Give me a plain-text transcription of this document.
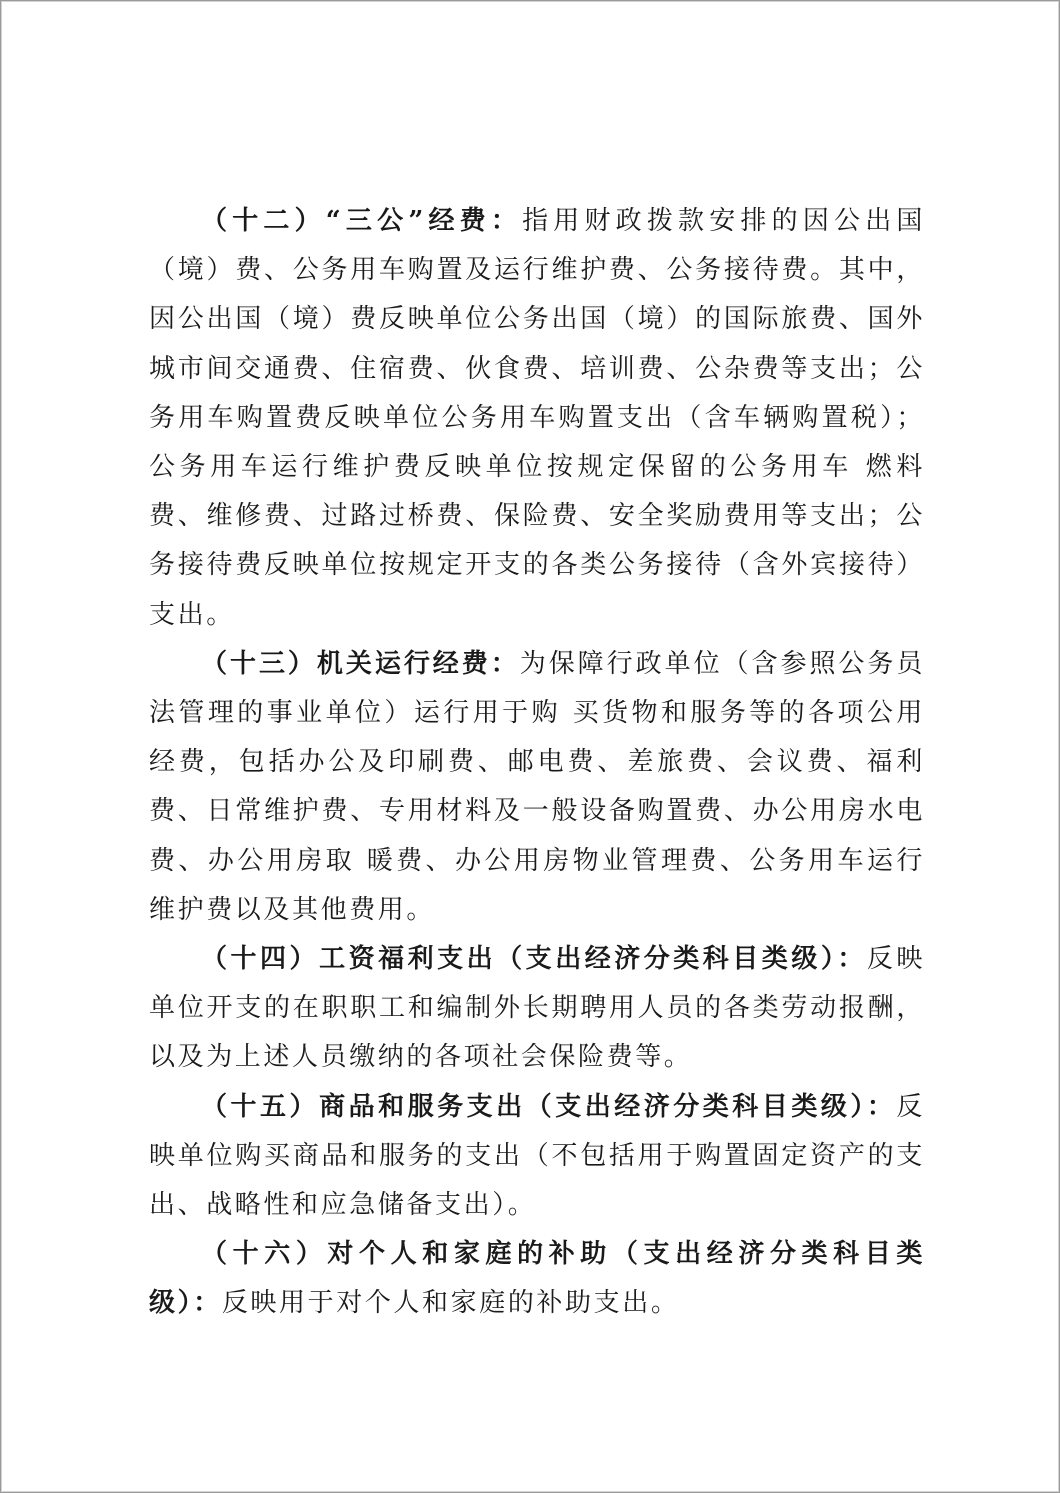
（十二）“三公”经费：指用财政拨款安排的因公出国（境）费、公务用车购置及运行维护费、公务接待费。其中，因公出国（境）费反映单位公务出国（境）的国际旅费、国外城市间交通费、住宿费、伙食费、培训费、公杂费等支出；公务用车购置费反映单位公务用车购置支出（含车辆购置税）；公务用车运行维护费反映单位按规定保留的公务用车 燃料费、维修费、过路过桥费、保险费、安全奖励费用等支出；公务接待费反映单位按规定开支的各类公务接待（含外宾接待）支出。

（十三）机关运行经费：为保障行政单位（含参照公务员法管理的事业单位）运行用于购 买货物和服务等的各项公用经费，包括办公及印刷费、邮电费、差旅费、会议费、福利费、日常维护费、专用材料及一般设备购置费、办公用房水电费、办公用房取 暖费、办公用房物业管理费、公务用车运行维护费以及其他费用。

（十四）工资福利支出（支出经济分类科目类级）：反映单位开支的在职职工和编制外长期聘用人员的各类劳动报酬，以及为上述人员缴纳的各项社会保险费等。

（十五）商品和服务支出（支出经济分类科目类级）：反映单位购买商品和服务的支出（不包括用于购置固定资产的支出、战略性和应急储备支出）。

（十六）对个人和家庭的补助（支出经济分类科目类级）：反映用于对个人和家庭的补助支出。
